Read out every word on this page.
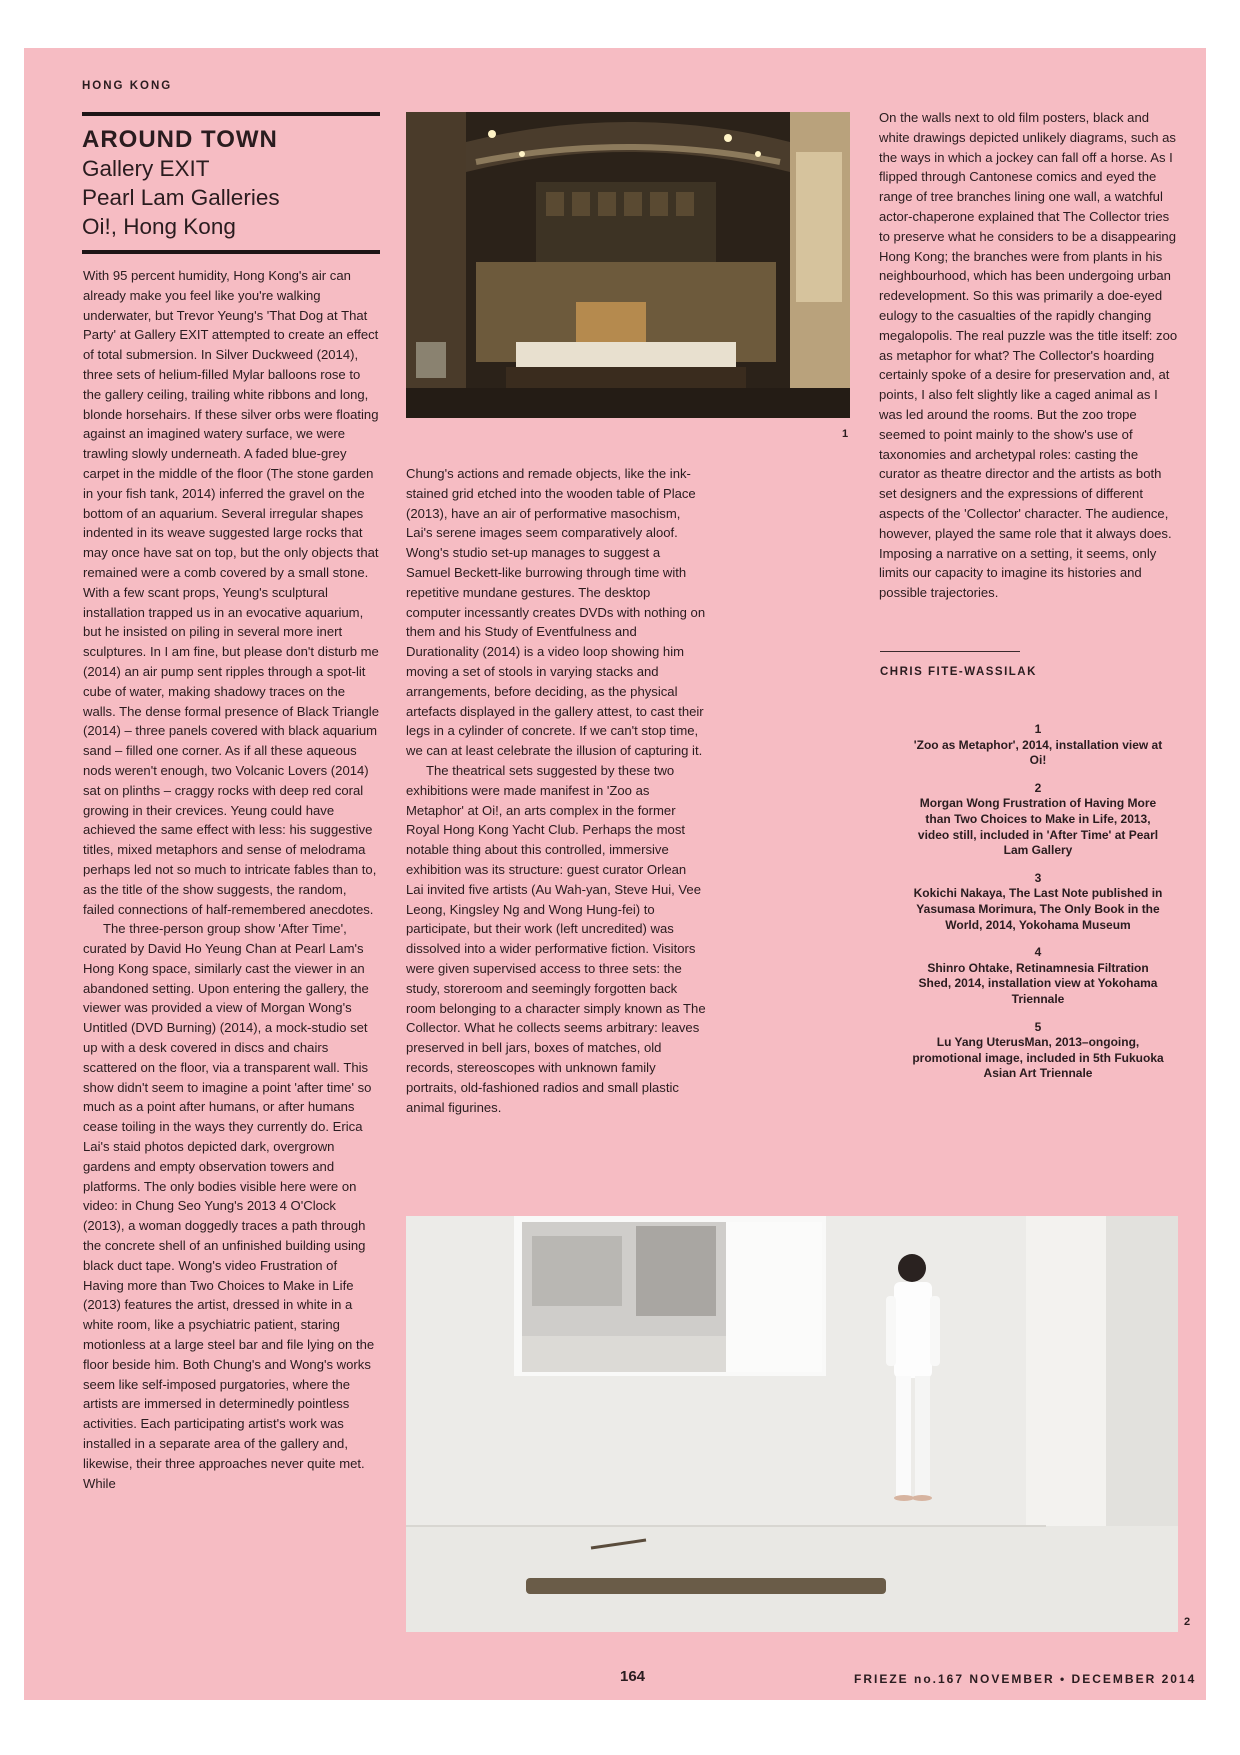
HONG KONG
AROUND TOWN
Gallery EXIT
Pearl Lam Galleries
Oi!, Hong Kong

With 95 percent humidity, Hong Kong's air can already make you feel like you're walking underwater, but Trevor Yeung's 'That Dog at That Party' at Gallery EXIT attempted to create an effect of total submersion. In Silver Duckweed (2014), three sets of helium-filled Mylar balloons rose to the gallery ceiling, trailing white ribbons and long, blonde horsehairs. If these silver orbs were floating against an imagined watery surface, we were trawling slowly underneath. A faded blue-grey carpet in the middle of the floor (The stone garden in your fish tank, 2014) inferred the gravel on the bottom of an aquarium. Several irregular shapes indented in its weave suggested large rocks that may once have sat on top, but the only objects that remained were a comb covered by a small stone. With a few scant props, Yeung's sculptural installation trapped us in an evocative aquarium, but he insisted on piling in several more inert sculptures. In I am fine, but please don't disturb me (2014) an air pump sent ripples through a spot-lit cube of water, making shadowy traces on the walls. The dense formal presence of Black Triangle (2014) – three panels covered with black aquarium sand – filled one corner. As if all these aqueous nods weren't enough, two Volcanic Lovers (2014) sat on plinths – craggy rocks with deep red coral growing in their crevices. Yeung could have achieved the same effect with less: his suggestive titles, mixed metaphors and sense of melodrama perhaps led not so much to intricate fables than to, as the title of the show suggests, the random, failed connections of half-remembered anecdotes.

The three-person group show 'After Time', curated by David Ho Yeung Chan at Pearl Lam's Hong Kong space, similarly cast the viewer in an abandoned setting. Upon entering the gallery, the viewer was provided a view of Morgan Wong's Untitled (DVD Burning) (2014), a mock-studio set up with a desk covered in discs and chairs scattered on the floor, via a transparent wall. This show didn't seem to imagine a point 'after time' so much as a point after humans, or after humans cease toiling in the ways they currently do. Erica Lai's staid photos depicted dark, overgrown gardens and empty observation towers and platforms. The only bodies visible here were on video: in Chung Seo Yung's 2013 4 O'Clock (2013), a woman doggedly traces a path through the concrete shell of an unfinished building using black duct tape. Wong's video Frustration of Having more than Two Choices to Make in Life (2013) features the artist, dressed in white in a white room, like a psychiatric patient, staring motionless at a large steel bar and file lying on the floor beside him. Both Chung's and Wong's works seem like self-imposed purgatories, where the artists are immersed in determinedly pointless activities. Each participating artist's work was installed in a separate area of the gallery and, likewise, their three approaches never quite met. While

1

Chung's actions and remade objects, like the ink-stained grid etched into the wooden table of Place (2013), have an air of performative masochism, Lai's serene images seem comparatively aloof. Wong's studio set-up manages to suggest a Samuel Beckett-like burrowing through time with repetitive mundane gestures. The desktop computer incessantly creates DVDs with nothing on them and his Study of Eventfulness and Durationality (2014) is a video loop showing him moving a set of stools in varying stacks and arrangements, before deciding, as the physical artefacts displayed in the gallery attest, to cast their legs in a cylinder of concrete. If we can't stop time, we can at least celebrate the illusion of capturing it.

The theatrical sets suggested by these two exhibitions were made manifest in 'Zoo as Metaphor' at Oi!, an arts complex in the former Royal Hong Kong Yacht Club. Perhaps the most notable thing about this controlled, immersive exhibition was its structure: guest curator Orlean Lai invited five artists (Au Wah-yan, Steve Hui, Vee Leong, Kingsley Ng and Wong Hung-fei) to participate, but their work (left uncredited) was dissolved into a wider performative fiction. Visitors were given supervised access to three sets: the study, storeroom and seemingly forgotten back room belonging to a character simply known as The Collector. What he collects seems arbitrary: leaves preserved in bell jars, boxes of matches, old records, stereoscopes with unknown family portraits, old-fashioned radios and small plastic animal figurines.

On the walls next to old film posters, black and white drawings depicted unlikely diagrams, such as the ways in which a jockey can fall off a horse. As I flipped through Cantonese comics and eyed the range of tree branches lining one wall, a watchful actor-chaperone explained that The Collector tries to preserve what he considers to be a disappearing Hong Kong; the branches were from plants in his neighbourhood, which has been undergoing urban redevelopment. So this was primarily a doe-eyed eulogy to the casualties of the rapidly changing megalopolis. The real puzzle was the title itself: zoo as metaphor for what? The Collector's hoarding certainly spoke of a desire for preservation and, at points, I also felt slightly like a caged animal as I was led around the rooms. But the zoo trope seemed to point mainly to the show's use of taxonomies and archetypal roles: casting the curator as theatre director and the artists as both set designers and the expressions of different aspects of the 'Collector' character. The audience, however, played the same role that it always does. Imposing a narrative on a setting, it seems, only limits our capacity to imagine its histories and possible trajectories.

CHRIS FITE-WASSILAK
1
'Zoo as Metaphor', 2014, installation view at Oi!
2
Morgan Wong Frustration of Having More than Two Choices to Make in Life, 2013, video still, included in 'After Time' at Pearl Lam Gallery
3
Kokichi Nakaya, The Last Note published in Yasumasa Morimura, The Only Book in the World, 2014, Yokohama Museum
4
Shinro Ohtake, Retinamnesia Filtration Shed, 2014, installation view at Yokohama Triennale
5
Lu Yang UterusMan, 2013–ongoing, promotional image, included in 5th Fukuoka Asian Art Triennale
2
164	FRIEZE no.167 NOVEMBER • DECEMBER 2014
